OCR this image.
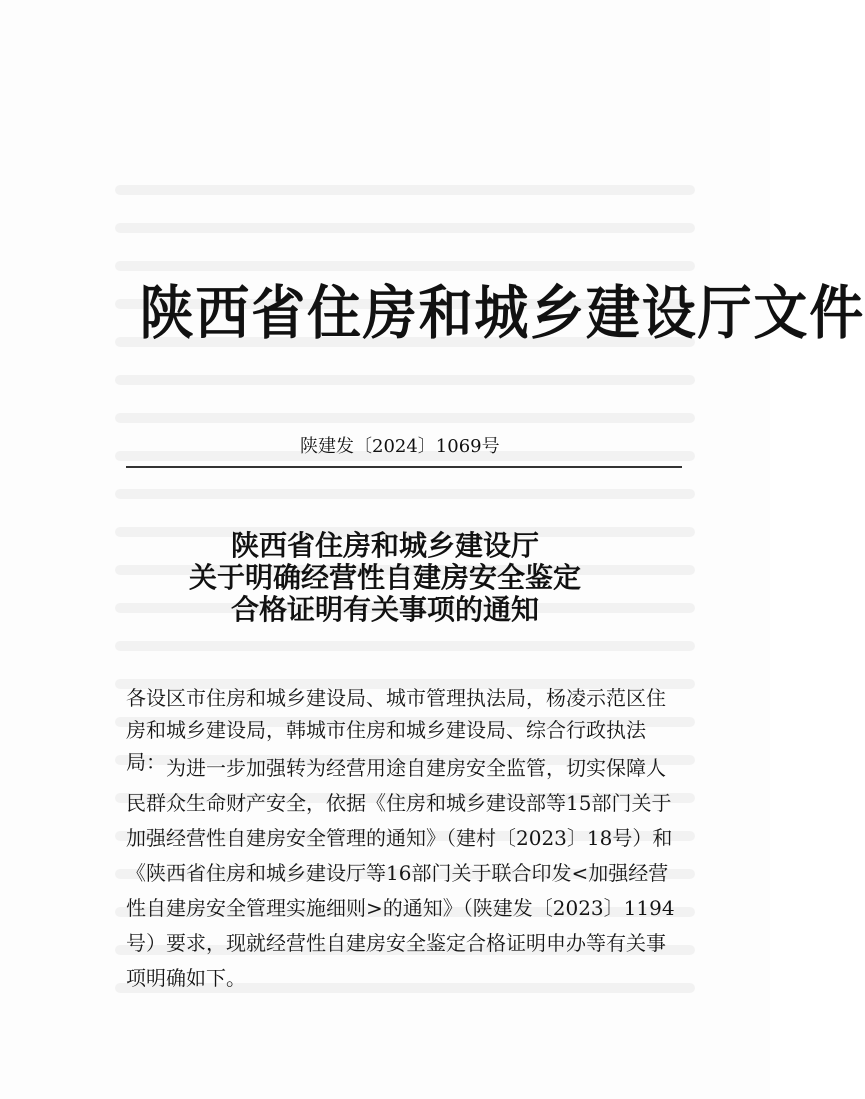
陕西省住房和城乡建设厅文件
陕建发〔2024〕1069号
陕西省住房和城乡建设厅
关于明确经营性自建房安全鉴定
合格证明有关事项的通知
各设区市住房和城乡建设局、城市管理执法局，杨凌示范区住房和城乡建设局，韩城市住房和城乡建设局、综合行政执法局： 为进一步加强转为经营用途自建房安全监管，切实保障人民群众生命财产安全，依据《住房和城乡建设部等15部门关于加强经营性自建房安全管理的通知》（建村〔2023〕18号）和《陕西省住房和城乡建设厅等16部门关于联合印发<加强经营性自建房安全管理实施细则>的通知》（陕建发〔2023〕1194号）要求，现就经营性自建房安全鉴定合格证明申办等有关事项明确如下。
